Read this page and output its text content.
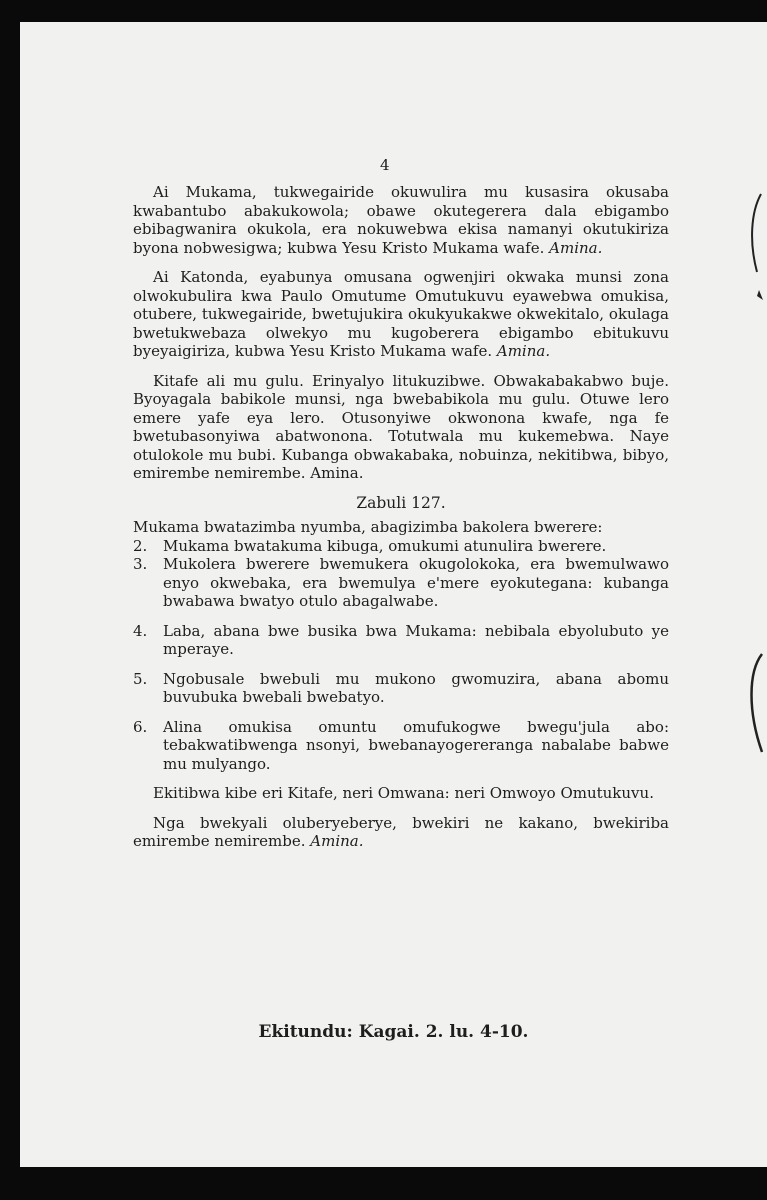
4

Ai Mukama, tukwegairide okuwulira mu kusasira okusaba kwabantubo abakukowola; obawe okutegerera dala ebigambo ebibagwanira okukola, era nokuwebwa ekisa namanyi okutukiriza byona nobwesigwa; kubwa Yesu Kristo Mukama wafe. Amina.

Ai Katonda, eyabunya omusana ogwenjiri okwaka munsi zona olwokubulira kwa Paulo Omutume Omutukuvu eyawebwa omukisa, otubere, tukwegairide, bwetujukira okukyukakwe okwekitalo, okulaga bwetukwebaza olwekyo mu kugoberera ebigambo ebitukuvu byeyaigiriza, kubwa Yesu Kristo Mukama wafe. Amina.

Kitafe ali mu gulu. Erinyalyo litukuzibwe. Obwakabakabwo buje. Byoyagala babikole munsi, nga bwebabikola mu gulu. Otuwe lero emere yafe eya lero. Otusonyiwe okwonona kwafe, nga fe bwetubasonyiwa abatwonona. Totutwala mu kukemebwa. Naye otulokole mu bubi. Kubanga obwakabaka, nobuinza, nekitibwa, bibyo, emirembe nemirembe. Amina.

Zabuli 127.

Mukama bwatazimba nyumba, abagizimba bakolera bwerere:

2.	Mukama bwatakuma kibuga, omukumi atunulira bwerere.
3.	Mukolera bwerere bwemukera okugolokoka, era bwemulwawo enyo okwebaka, era bwemulya e'mere eyokutegana: kubanga bwabawa bwatyo otulo abagalwabe.
4.	Laba, abana bwe busika bwa Mukama: nebibala ebyolubuto ye mperaye.
5.	Ngobusale bwebuli mu mukono gwomuzira, abana abomu buvubuka bwebali bwebatyo.
6.	Alina omukisa omuntu omufukogwe bwegu'jula abo: tebakwatibwenga nsonyi, bwebanayogereranga nabalabe babwe mu mulyango.

Ekitibwa kibe eri Kitafe, neri Omwana: neri Omwoyo Omutukuvu.

Nga bwekyali oluberyeberye, bwekiri ne kakano, bwekiriba emirembe nemirembe. Amina.

Ekitundu: Kagai. 2. lu. 4-10.
